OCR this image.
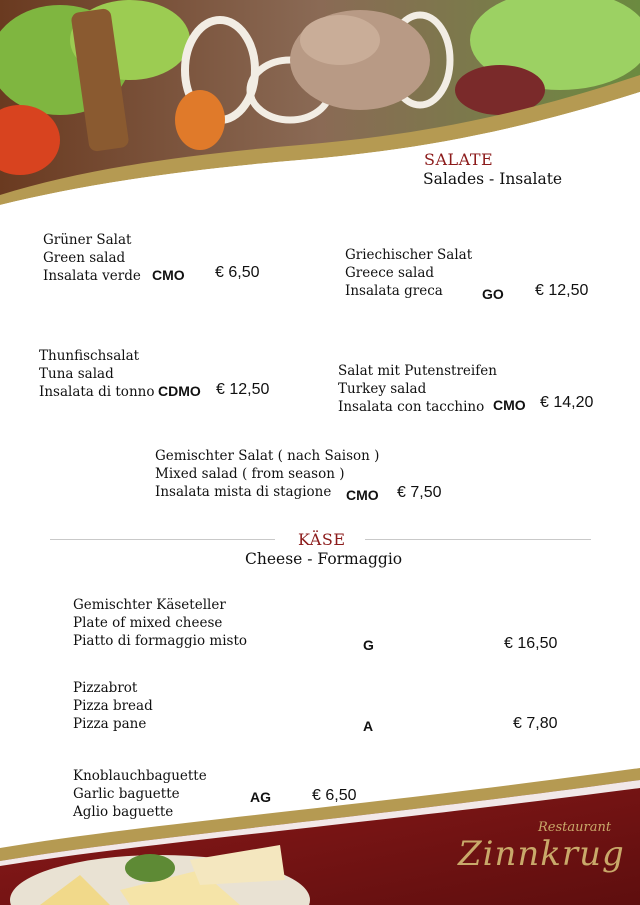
SALATE
Salades - Insalate
Grüner Salat
Green salad
Insalata verde CMO € 6,50
Griechischer Salat
Greece salad
Insalata greca	GO € 12,50
Thunfischsalat
Tuna salad
Insalata di tonno CDMO € 12,50
Salat mit Putenstreifen
Turkey salad
Insalata con tacchino CMO € 14,20
Gemischter Salat ( nach Saison )
Mixed salad ( from season )
Insalata mista di stagione	CMO € 7,50
KÄSE
Cheese - Formaggio
Gemischter Käseteller
Plate of mixed cheese
Piatto di formaggio misto	G	€ 16,50
Pizzabrot
Pizza bread
Pizza pane	A	€ 7,80
Knoblauchbaguette
Garlic baguette
Aglio baguette
AG	€ 6,50
Restaurant
Zinnkrug
